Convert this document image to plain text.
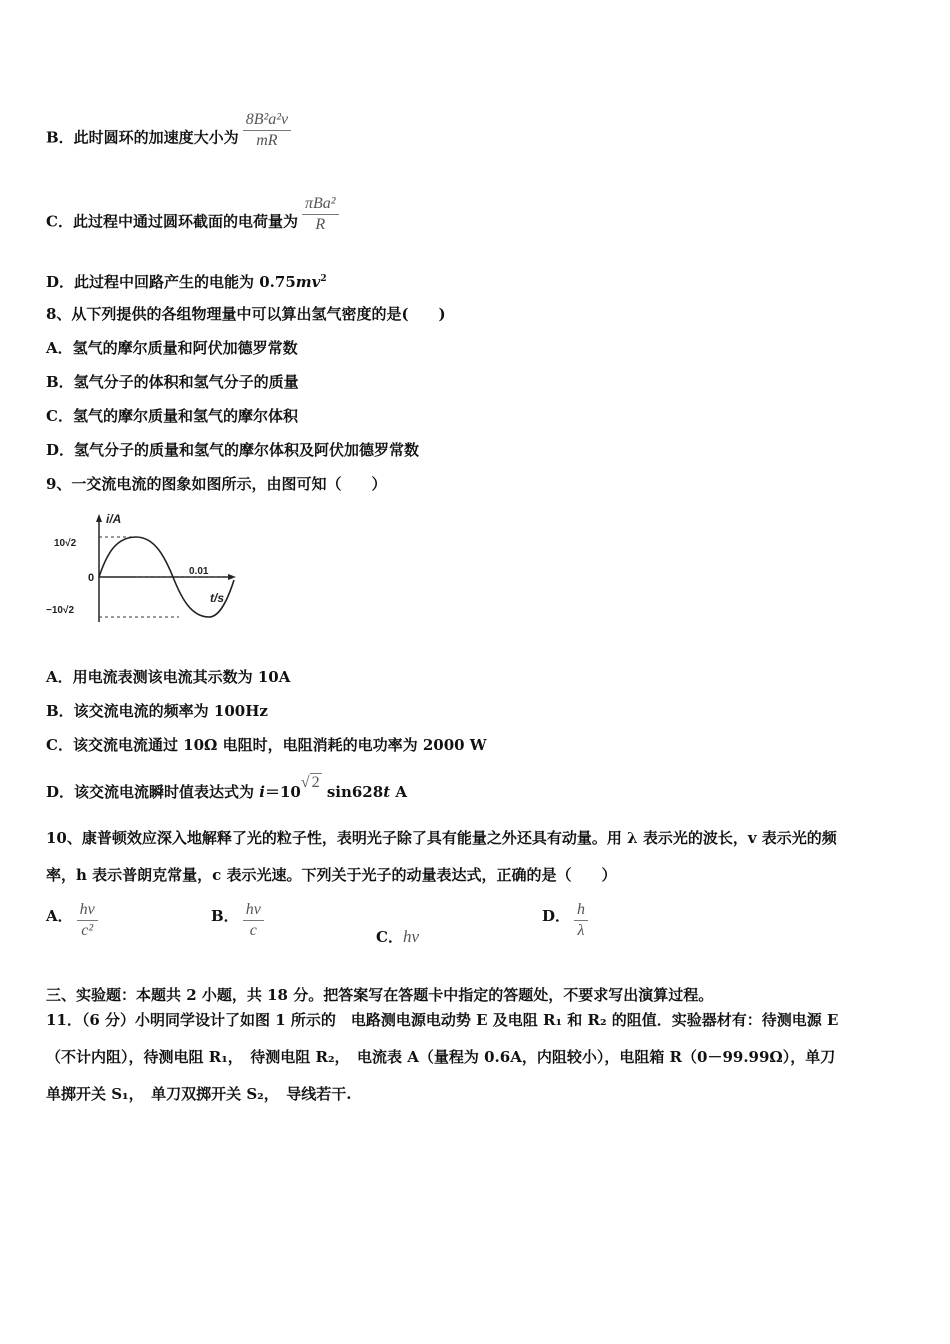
B．此时圆环的加速度大小为 $\frac{\text{8B²a²v}}{mR}$
C．此过程中通过圆环截面的电荷量为 $\frac{\text{πBa²}}{R}$
D．此过程中回路产生的电能为 $0.75mv^2$
8、从下列提供的各组物理量中可以算出氢气密度的是(　　)
A．氢气的摩尔质量和阿伏加德罗常数
B．氢气分子的体积和氢气分子的质量
C．氢气的摩尔质量和氢气的摩尔体积
D．氢气分子的质量和氢气的摩尔体积及阿伏加德罗常数
9、一交流电流的图象如图所示，由图可知（　　）
i/A
t/s
10√2
−10√2
0
0.01
A．用电流表测该电流其示数为 10A
B．该交流电流的频率为 100Hz
C．该交流电流通过 10Ω 电阻时，电阻消耗的电功率为 2000 W
D．该交流电流瞬时值表达式为 i＝10√ 2 sin628t A
10、康普顿效应深入地解释了光的粒子性，表明光子除了具有能量之外还具有动量。用 λ 表示光的波长，v 表示光的频
率，h 表示普朗克常量，c 表示光速。下列关于光子的动量表达式，正确的是（　　）
A． $\frac{hv}{\text{c²}}$	B． $\frac{hv}{c}$	C．hv
D． $\frac{h}{\lambda}$
三、实验题：本题共 2 小题，共 18 分。把答案写在答题卡中指定的答题处，不要求写出演算过程。
11．（6 分）小明同学设计了如图 1 所示的　电路测电源电动势 E 及电阻 R₁ 和 R₂ 的阻值．实验器材有：待测电源 E
（不计内阻），待测电阻 R₁，　待测电阻 R₂，　电流表 A（量程为 0.6A，内阻较小），电阻箱 R（0－99.99Ω），单刀
单掷开关 S₁，　单刀双掷开关 S₂，　导线若干.
